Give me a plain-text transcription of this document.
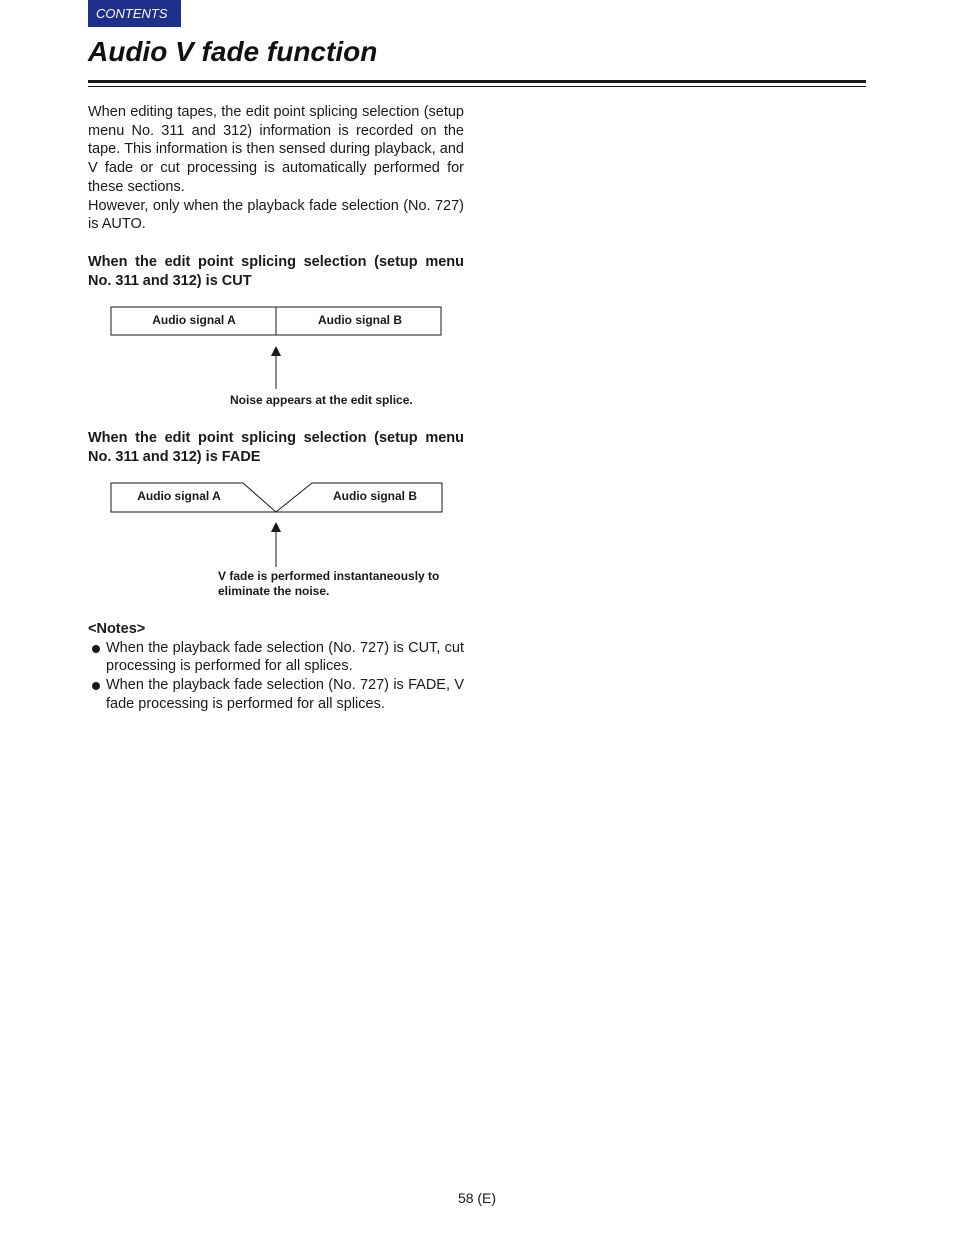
CONTENTS
Audio V fade function

When editing tapes, the edit point splicing selection (setup menu No. 311 and 312) information is recorded on the tape. This information is then sensed during playback, and V fade or cut processing is automatically performed for these sections.

However, only when the playback fade selection (No. 727) is AUTO.

When the edit point splicing selection (setup menu No. 311 and 312) is CUT

Audio signal A	Audio signal B
Noise appears at the edit splice.

When the edit point splicing selection (setup menu No. 311 and 312) is FADE

Audio signal A	Audio signal B
V fade is performed instantaneously to
eliminate the noise.

<Notes>

When the playback fade selection (No. 727) is CUT, cut processing is performed for all splices.

When the playback fade selection (No. 727) is FADE, V fade processing is performed for all splices.

58 (E)
